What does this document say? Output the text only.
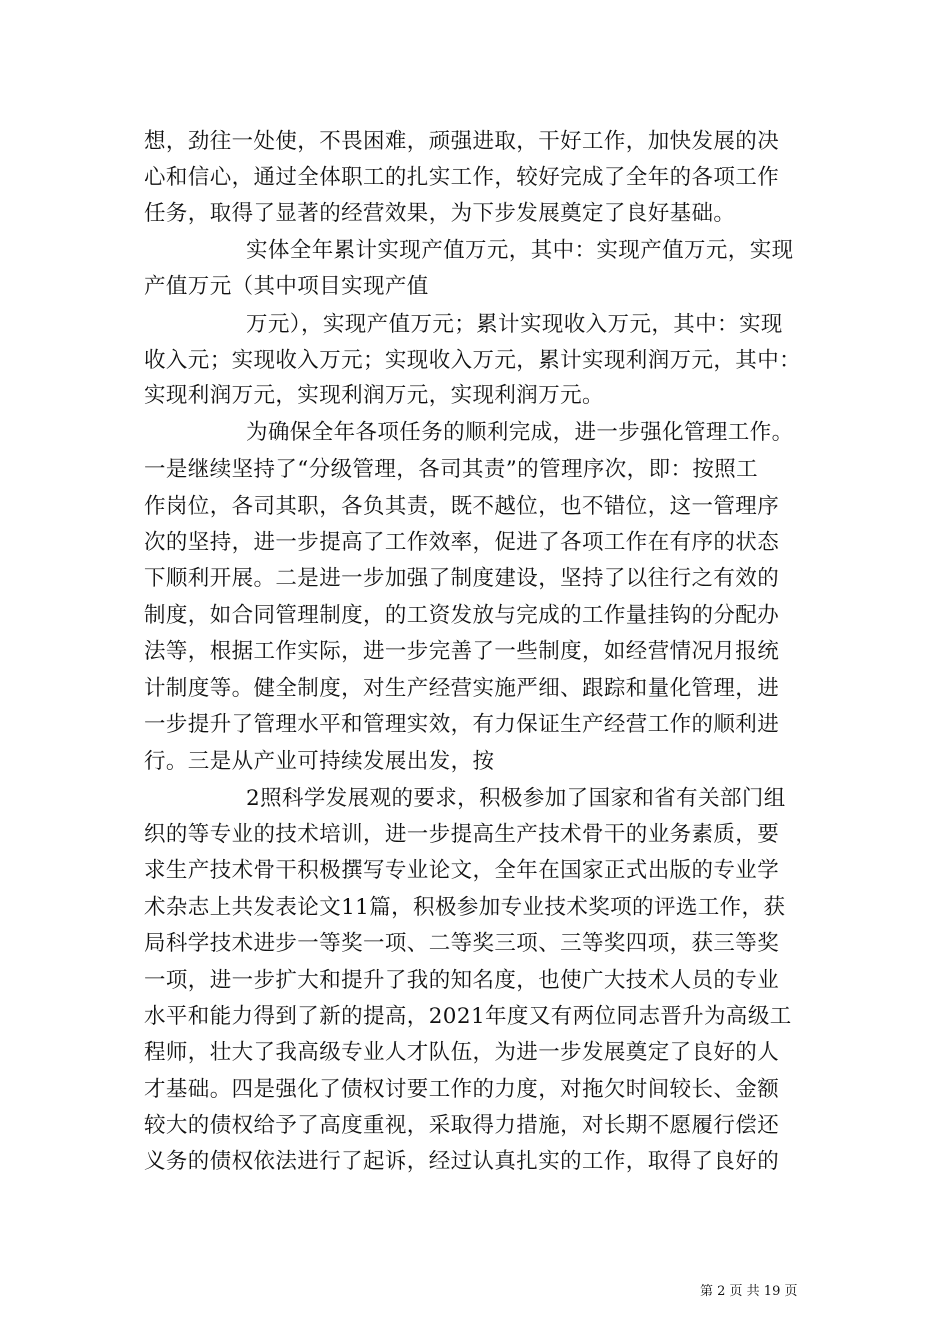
想，劲往一处使，不畏困难，顽强进取，干好工作，加快发展的决
心和信心，通过全体职工的扎实工作，较好完成了全年的各项工作
任务，取得了显著的经营效果，为下步发展奠定了良好基础。
实体全年累计实现产值万元，其中：实现产值万元，实现
产值万元（其中项目实现产值
万元），实现产值万元；累计实现收入万元，其中：实现
收入元；实现收入万元；实现收入万元，累计实现利润万元，其中：
实现利润万元，实现利润万元，实现利润万元。
为确保全年各项任务的顺利完成，进一步强化管理工作。
一是继续坚持了“分级管理，各司其责”的管理序次，即：按照工
作岗位，各司其职，各负其责，既不越位，也不错位，这一管理序
次的坚持，进一步提高了工作效率，促进了各项工作在有序的状态
下顺利开展。二是进一步加强了制度建设，坚持了以往行之有效的
制度，如合同管理制度，的工资发放与完成的工作量挂钩的分配办
法等，根据工作实际，进一步完善了一些制度，如经营情况月报统
计制度等。健全制度，对生产经营实施严细、跟踪和量化管理，进
一步提升了管理水平和管理实效，有力保证生产经营工作的顺利进
行。三是从产业可持续发展出发，按
2照科学发展观的要求，积极参加了国家和省有关部门组
织的等专业的技术培训，进一步提高生产技术骨干的业务素质，要
求生产技术骨干积极撰写专业论文，全年在国家正式出版的专业学
术杂志上共发表论文11篇，积极参加专业技术奖项的评选工作，获
局科学技术进步一等奖一项、二等奖三项、三等奖四项，获三等奖
一项，进一步扩大和提升了我的知名度，也使广大技术人员的专业
水平和能力得到了新的提高，2021年度又有两位同志晋升为高级工
程师，壮大了我高级专业人才队伍，为进一步发展奠定了良好的人
才基础。四是强化了债权讨要工作的力度，对拖欠时间较长、金额
较大的债权给予了高度重视，采取得力措施，对长期不愿履行偿还
义务的债权依法进行了起诉，经过认真扎实的工作，取得了良好的
第 2 页 共 19 页
